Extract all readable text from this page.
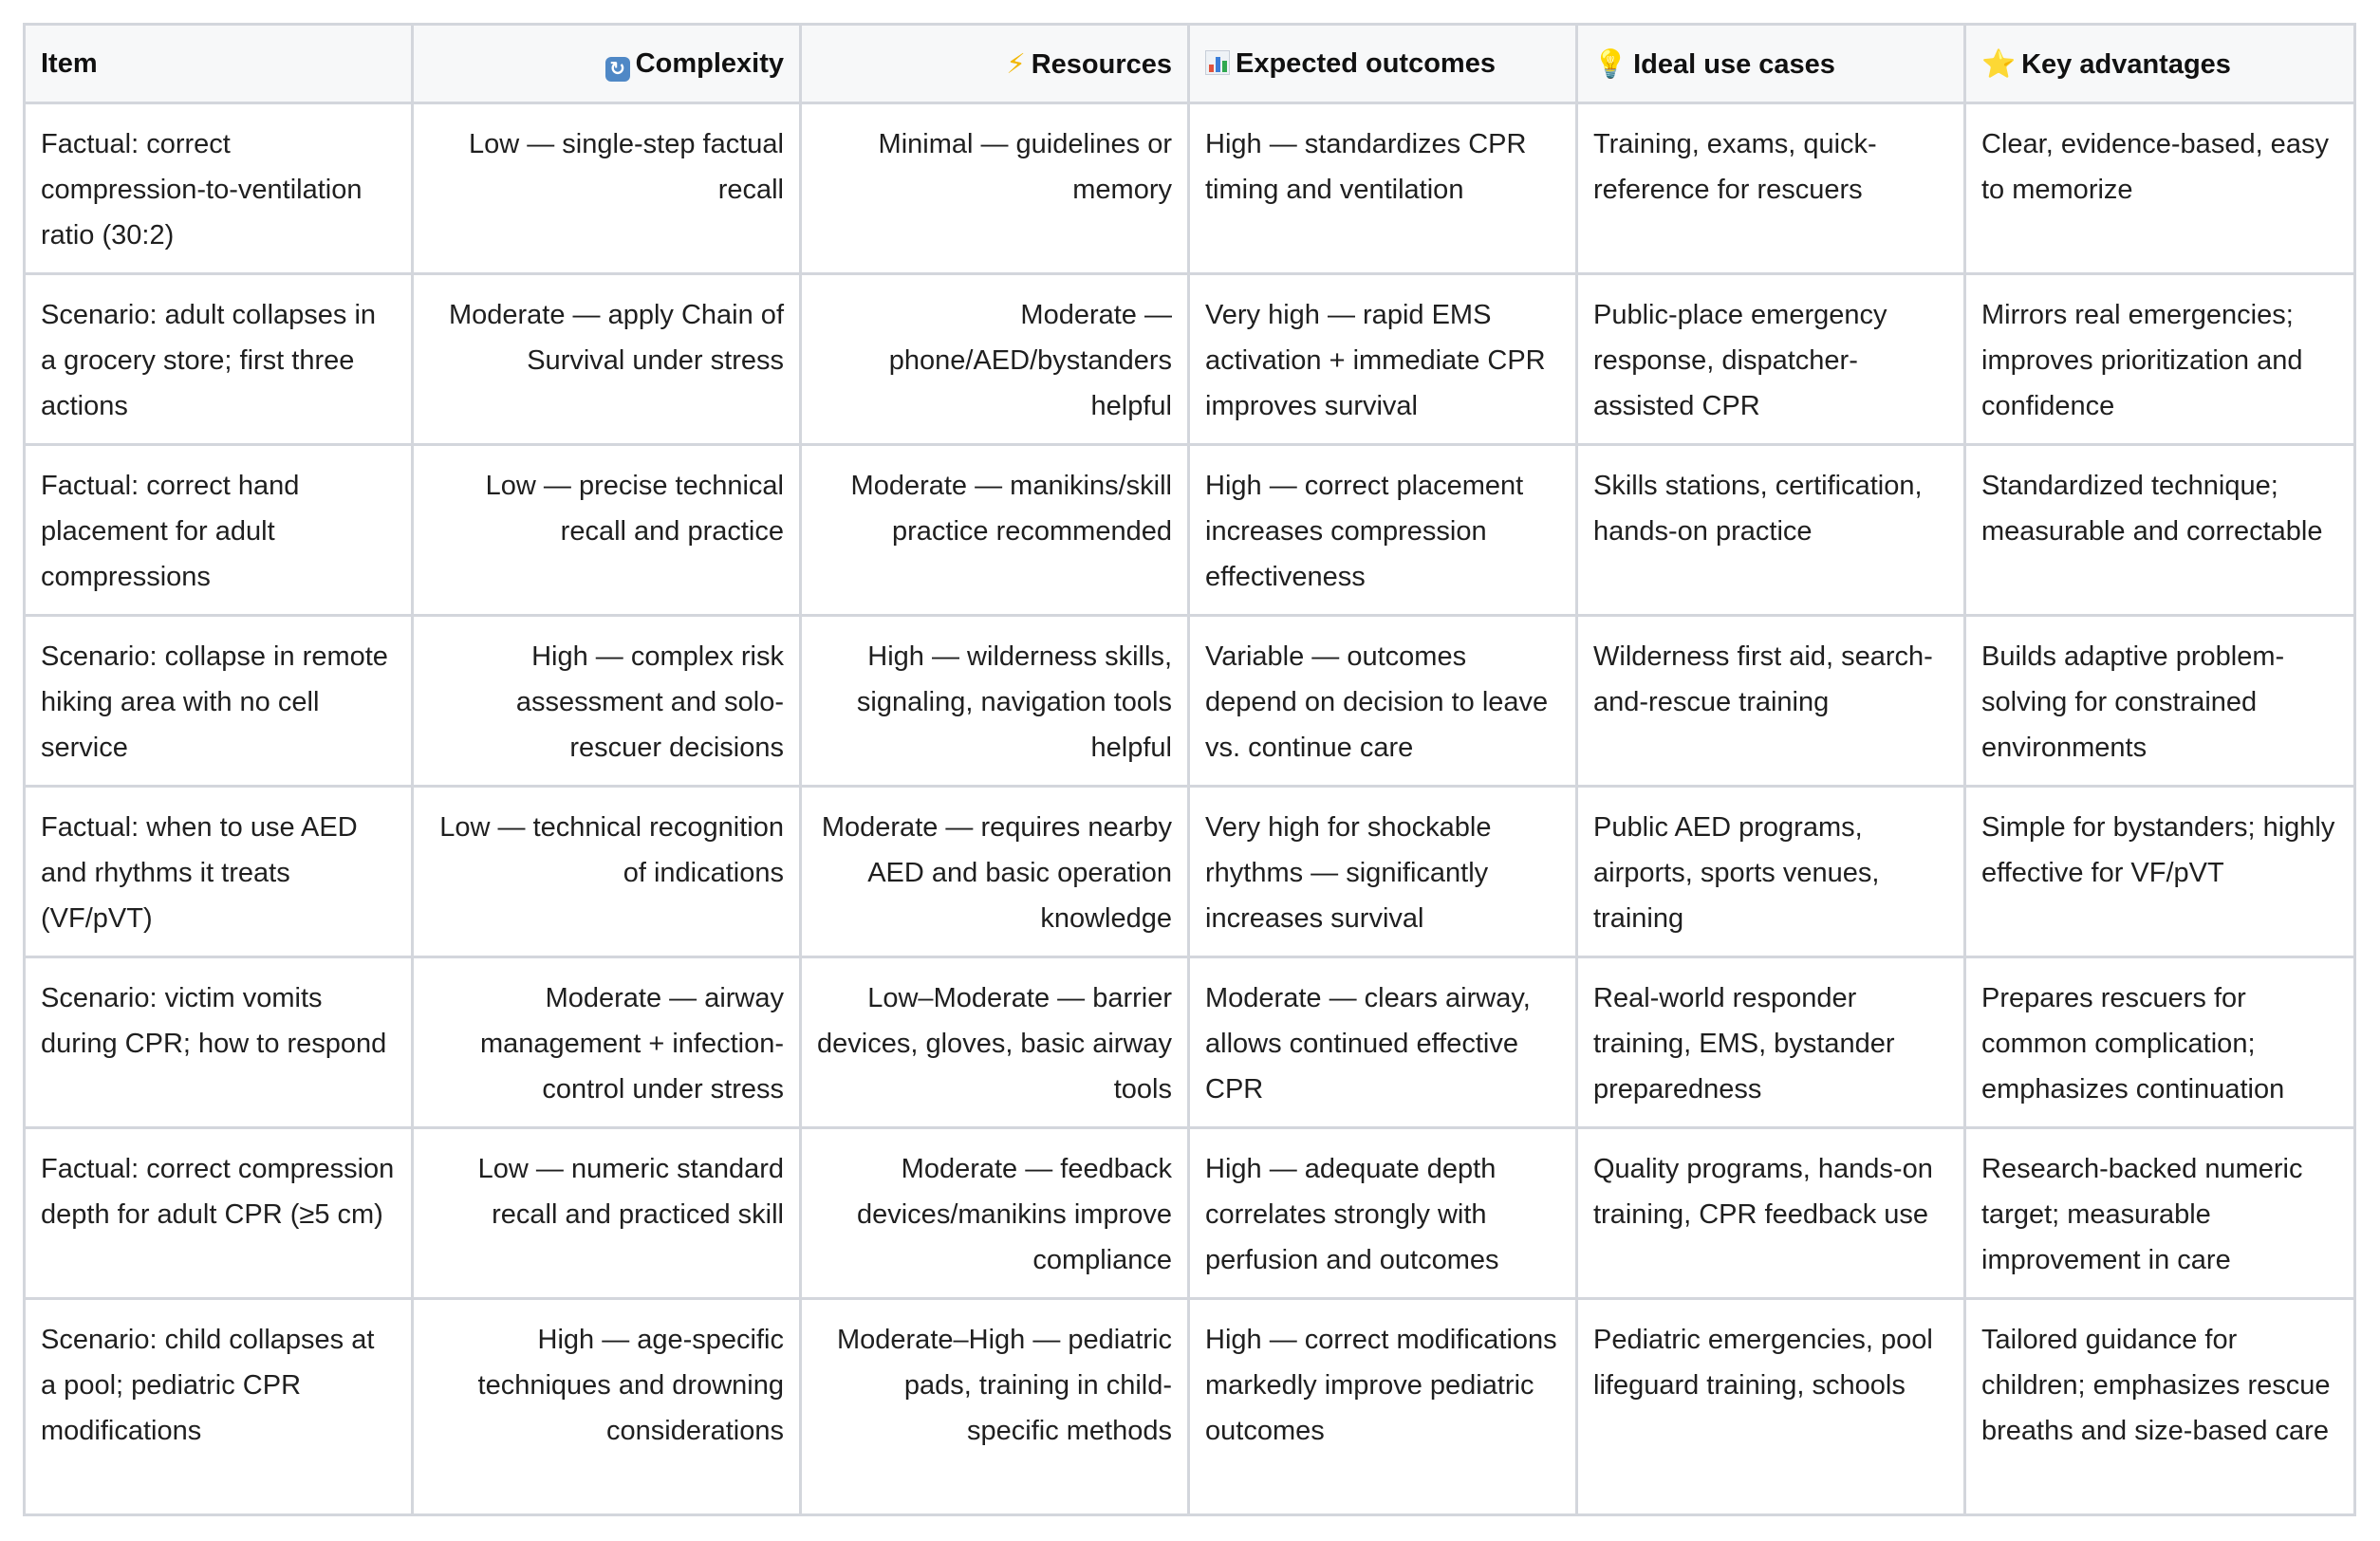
Item	↻ Complexity	⚡ Resources	Expected outcomes	💡 Ideal use cases	⭐ Key advantages
Factual: correct compression-to-ventilation ratio (30:2)	Low — single-step factual recall	Minimal — guidelines or memory	High — standardizes CPR timing and ventilation	Training, exams, quick-reference for rescuers	Clear, evidence-based, easy to memorize
Scenario: adult collapses in a grocery store; first three actions	Moderate — apply Chain of Survival under stress	Moderate — phone/AED/bystanders helpful	Very high — rapid EMS activation + immediate CPR improves survival	Public-place emergency response, dispatcher-assisted CPR	Mirrors real emergencies; improves prioritization and confidence
Factual: correct hand placement for adult compressions	Low — precise technical recall and practice	Moderate — manikins/skill practice recommended	High — correct placement increases compression effectiveness	Skills stations, certification, hands-on practice	Standardized technique; measurable and correctable
Scenario: collapse in remote hiking area with no cell service	High — complex risk assessment and solo-rescuer decisions	High — wilderness skills, signaling, navigation tools helpful	Variable — outcomes depend on decision to leave vs. continue care	Wilderness first aid, search-and-rescue training	Builds adaptive problem-solving for constrained environments
Factual: when to use AED and rhythms it treats (VF/pVT)	Low — technical recognition of indications	Moderate — requires nearby AED and basic operation knowledge	Very high for shockable rhythms — significantly increases survival	Public AED programs, airports, sports venues, training	Simple for bystanders; highly effective for VF/pVT
Scenario: victim vomits during CPR; how to respond	Moderate — airway management + infection-control under stress	Low–Moderate — barrier devices, gloves, basic airway tools	Moderate — clears airway, allows continued effective CPR	Real-world responder training, EMS, bystander preparedness	Prepares rescuers for common complication; emphasizes continuation
Factual: correct compression depth for adult CPR (≥5 cm)	Low — numeric standard recall and practiced skill	Moderate — feedback devices/manikins improve compliance	High — adequate depth correlates strongly with perfusion and outcomes	Quality programs, hands-on training, CPR feedback use	Research-backed numeric target; measurable improvement in care
Scenario: child collapses at a pool; pediatric CPR modifications	High — age-specific techniques and drowning considerations	Moderate–High — pediatric pads, training in child-specific methods	High — correct modifications markedly improve pediatric outcomes	Pediatric emergencies, pool lifeguard training, schools	Tailored guidance for children; emphasizes rescue breaths and size-based care
